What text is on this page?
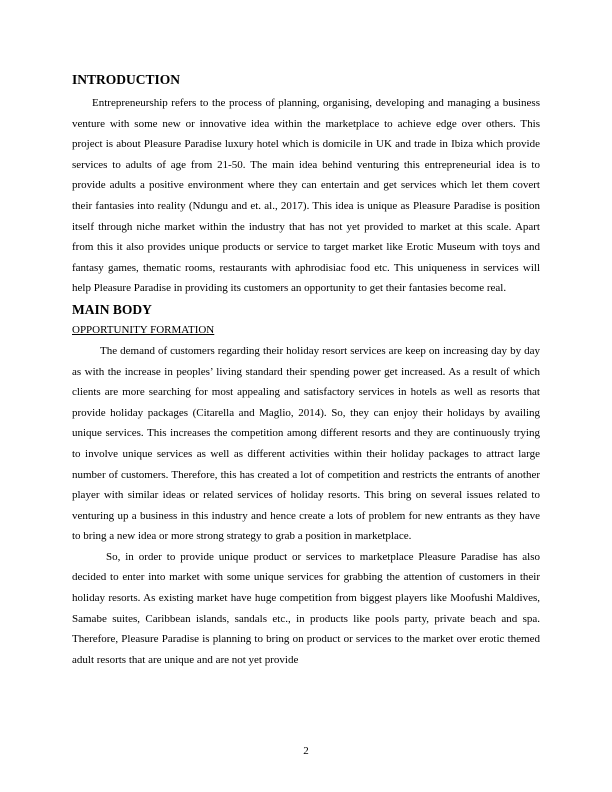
INTRODUCTION

Entrepreneurship refers to the process of planning, organising, developing and managing a business venture with some new or innovative idea within the marketplace to achieve edge over others. This project is about Pleasure Paradise luxury hotel which is domicile in UK and trade in Ibiza which provide services to adults of age from 21-50. The main idea behind venturing this entrepreneurial idea is to provide adults a positive environment where they can entertain and get services which let them covert their fantasies into reality (Ndungu and et. al., 2017). This idea is unique as Pleasure Paradise is position itself through niche market within the industry that has not yet provided to market at this scale. Apart from this it also provides unique products or service to target market like Erotic Museum with toys and fantasy games, thematic rooms, restaurants with aphrodisiac food etc. This uniqueness in services will help Pleasure Paradise in providing its customers an opportunity to get their fantasies become real.

MAIN BODY
OPPORTUNITY FORMATION

The demand of customers regarding their holiday resort services are keep on increasing day by day as with the increase in peoples’ living standard their spending power get increased. As a result of which clients are more searching for most appealing and satisfactory services in hotels as well as resorts that provide holiday packages (Citarella and Maglio, 2014). So, they can enjoy their holidays by availing unique services. This increases the competition among different resorts and they are continuously trying to involve unique services as well as different activities within their holiday packages to attract large number of customers. Therefore, this has created a lot of competition and restricts the entrants of another player with similar ideas or related services of holiday resorts. This bring on several issues related to venturing up a business in this industry and hence create a lots of problem for new entrants as they have to bring a new idea or more strong strategy to grab a position in marketplace.

So, in order to provide unique product or services to marketplace Pleasure Paradise has also decided to enter into market with some unique services for grabbing the attention of customers in their holiday resorts. As existing market have huge competition from biggest players like Moofushi Maldives, Samabe suites, Caribbean islands, sandals etc., in products like pools party, private beach and spa. Therefore, Pleasure Paradise is planning to bring on product or services to the market over erotic themed adult resorts that are unique and are not yet provide

2
